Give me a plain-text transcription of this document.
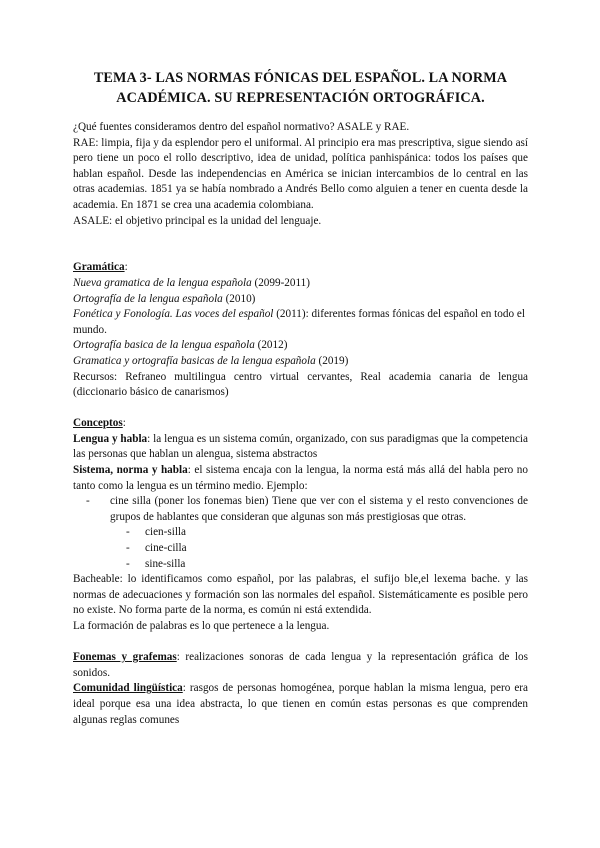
TEMA 3- LAS NORMAS FÓNICAS DEL ESPAÑOL. LA NORMA ACADÉMICA. SU REPRESENTACIÓN ORTOGRÁFICA.

¿Qué fuentes consideramos dentro del español normativo? ASALE y RAE.

RAE: limpia, fija y da esplendor pero el uniformal. Al principio era mas prescriptiva, sigue siendo así pero tiene un poco el rollo descriptivo, idea de unidad, política panhispánica: todos los países que hablan español. Desde las independencias en América se inician intercambios de lo central en las otras academias. 1851 ya se había nombrado a Andrés Bello como alguien a tener en cuenta desde la academia. En 1871 se crea una academia colombiana.

ASALE: el objetivo principal es la unidad del lenguaje.

Gramática:

Nueva gramatica de la lengua española (2099-2011)

Ortografía de la lengua española (2010)

Fonética y Fonología. Las voces del español (2011): diferentes formas fónicas del español en todo el mundo.

Ortografía basica de la lengua española (2012)

Gramatica y ortografía basicas de la lengua española (2019)

Recursos: Refraneo multilingua centro virtual cervantes, Real academia canaria de lengua (diccionario básico de canarismos)

Conceptos:

Lengua y habla: la lengua es un sistema común, organizado, con sus paradigmas que la competencia las personas que hablan un alengua, sistema abstractos

Sistema, norma y habla: el sistema encaja con la lengua, la norma está más allá del habla pero no tanto como la lengua es un término medio. Ejemplo:

-	cine silla (poner los fonemas bien) Tiene que ver con el sistema y el resto convenciones de grupos de hablantes que consideran que algunas son más prestigiosas que otras.
-	cien-silla
-	cine-cilla
-	sine-silla

Bacheable: lo identificamos como español, por las palabras, el sufijo ble,el lexema bache. y las normas de adecuaciones y formación son las normales del español. Sistemáticamente es posible pero no existe. No forma parte de la norma, es común ni está extendida.

La formación de palabras es lo que pertenece a la lengua.

Fonemas y grafemas: realizaciones sonoras de cada lengua y la representación gráfica de los sonidos.

Comunidad lingüística: rasgos de personas homogénea, porque hablan la misma lengua, pero era ideal porque esa una idea abstracta, lo que tienen en común estas personas es que comprenden algunas reglas comunes
